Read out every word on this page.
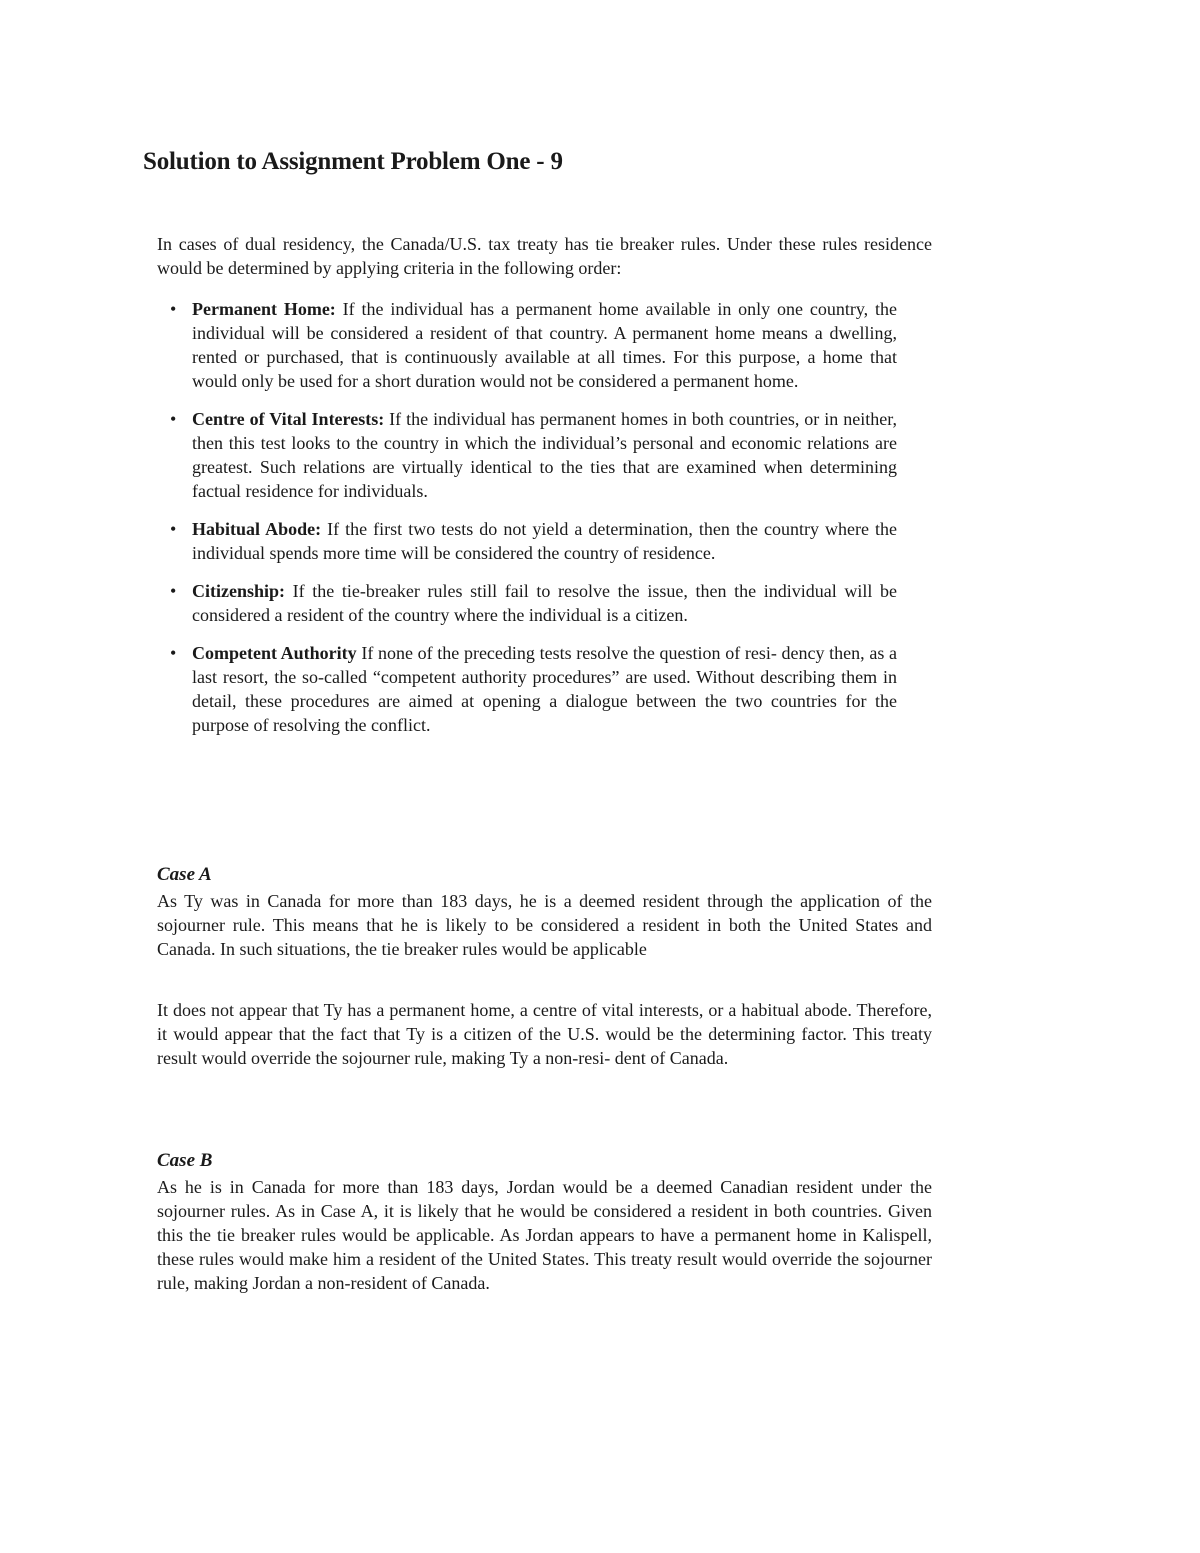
Solution to Assignment Problem One - 9

In cases of dual residency, the Canada/U.S. tax treaty has tie breaker rules. Under these rules residence would be determined by applying criteria in the following order:

• Permanent Home: If the individual has a permanent home available in only one country, the individual will be considered a resident of that country. A permanent home means a dwelling, rented or purchased, that is continuously available at all times. For this purpose, a home that would only be used for a short duration would not be considered a permanent home.
• Centre of Vital Interests: If the individual has permanent homes in both countries, or in neither, then this test looks to the country in which the individual’s personal and economic relations are greatest. Such relations are virtually identical to the ties that are examined when determining factual residence for individuals.
• Habitual Abode: If the first two tests do not yield a determination, then the country where the individual spends more time will be considered the country of residence.
• Citizenship: If the tie-breaker rules still fail to resolve the issue, then the individual will be considered a resident of the country where the individual is a citizen.
• Competent Authority If none of the preceding tests resolve the question of resi- dency then, as a last resort, the so-called “competent authority procedures” are used. Without describing them in detail, these procedures are aimed at opening a dialogue between the two countries for the purpose of resolving the conflict.
Case A

As Ty was in Canada for more than 183 days, he is a deemed resident through the application of the sojourner rule. This means that he is likely to be considered a resident in both the United States and Canada. In such situations, the tie breaker rules would be applicable

It does not appear that Ty has a permanent home, a centre of vital interests, or a habitual abode. Therefore, it would appear that the fact that Ty is a citizen of the U.S. would be the determining factor. This treaty result would override the sojourner rule, making Ty a non-resi- dent of Canada.

Case B

As he is in Canada for more than 183 days, Jordan would be a deemed Canadian resident under the sojourner rules. As in Case A, it is likely that he would be considered a resident in both countries. Given this the tie breaker rules would be applicable. As Jordan appears to have a permanent home in Kalispell, these rules would make him a resident of the United States. This treaty result would override the sojourner rule, making Jordan a non-resident of Canada.
